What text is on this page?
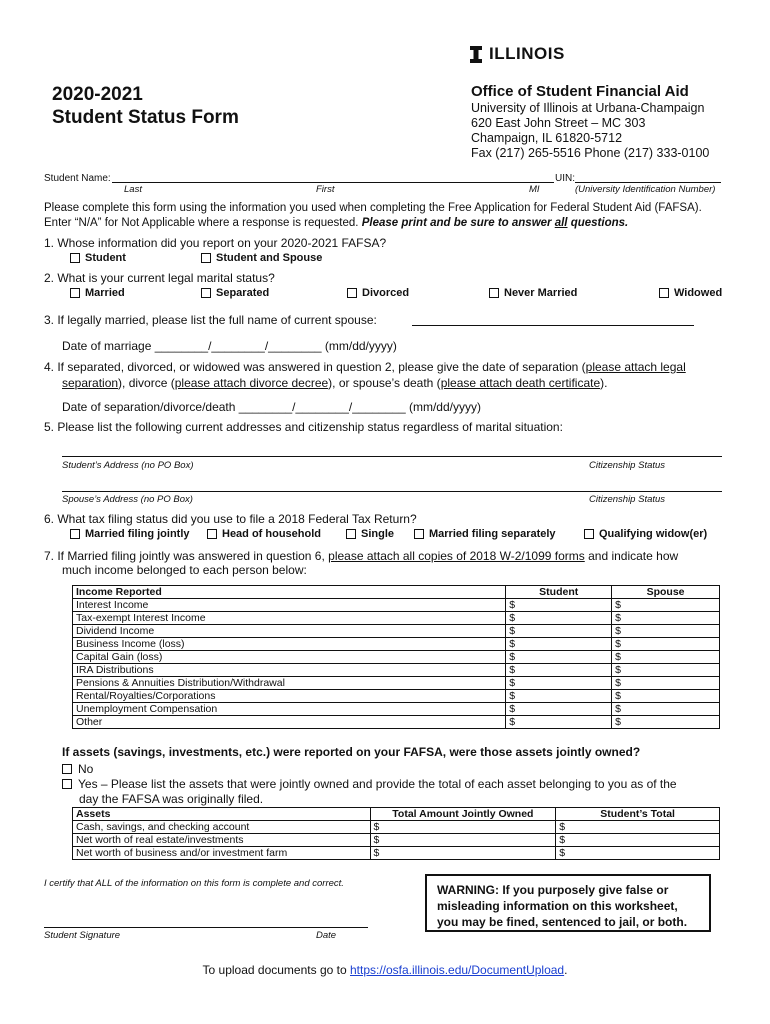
ILLINOIS
2020-2021
Student Status Form
Office of Student Financial Aid
University of Illinois at Urbana-Champaign
620 East John Street – MC 303
Champaign, IL 61820-5712
Fax (217) 265-5516 Phone (217) 333-0100
Student Name:	UIN:
Last	First	MI	(University Identification Number)
Please complete this form using the information you used when completing the Free Application for Federal Student Aid (FAFSA).
Enter “N/A” for Not Applicable where a response is requested. Please print and be sure to answer all questions.
1. Whose information did you report on your 2020-2021 FAFSA?
Student	Student and Spouse
2. What is your current legal marital status?
Married	Separated	Divorced	Never Married	Widowed
3. If legally married, please list the full name of current spouse:
Date of marriage ________/________/________ (mm/dd/yyyy)
4. If separated, divorced, or widowed was answered in question 2, please give the date of separation (please attach legal
separation), divorce (please attach divorce decree), or spouse’s death (please attach death certificate).
Date of separation/divorce/death ________/________/________ (mm/dd/yyyy)
5. Please list the following current addresses and citizenship status regardless of marital situation:
Student’s Address (no PO Box)	Citizenship Status
Spouse’s Address (no PO Box)	Citizenship Status
6. What tax filing status did you use to file a 2018 Federal Tax Return?
Married filing jointly	Head of household	Single	Married filing separately	Qualifying widow(er)
7. If Married filing jointly was answered in question 6, please attach all copies of 2018 W-2/1099 forms and indicate how
much income belonged to each person below:
Income Reported	Student	Spouse
Interest Income	$	$
Tax-exempt Interest Income	$	$
Dividend Income	$	$
Business Income (loss)	$	$
Capital Gain (loss)	$	$
IRA Distributions	$	$
Pensions & Annuities Distribution/Withdrawal	$	$
Rental/Royalties/Corporations	$	$
Unemployment Compensation	$	$
Other	$	$
If assets (savings, investments, etc.) were reported on your FAFSA, were those assets jointly owned?
No
Yes – Please list the assets that were jointly owned and provide the total of each asset belonging to you as of the
day the FAFSA was originally filed.
Assets	Total Amount Jointly Owned	Student’s Total
Cash, savings, and checking account	$	$
Net worth of real estate/investments	$	$
Net worth of business and/or investment farm	$	$
I certify that ALL of the information on this form is complete and correct.
Student Signature	Date
WARNING: If you purposely give false or misleading information on this worksheet, you may be fined, sentenced to jail, or both.
To upload documents go to https://osfa.illinois.edu/DocumentUpload.
